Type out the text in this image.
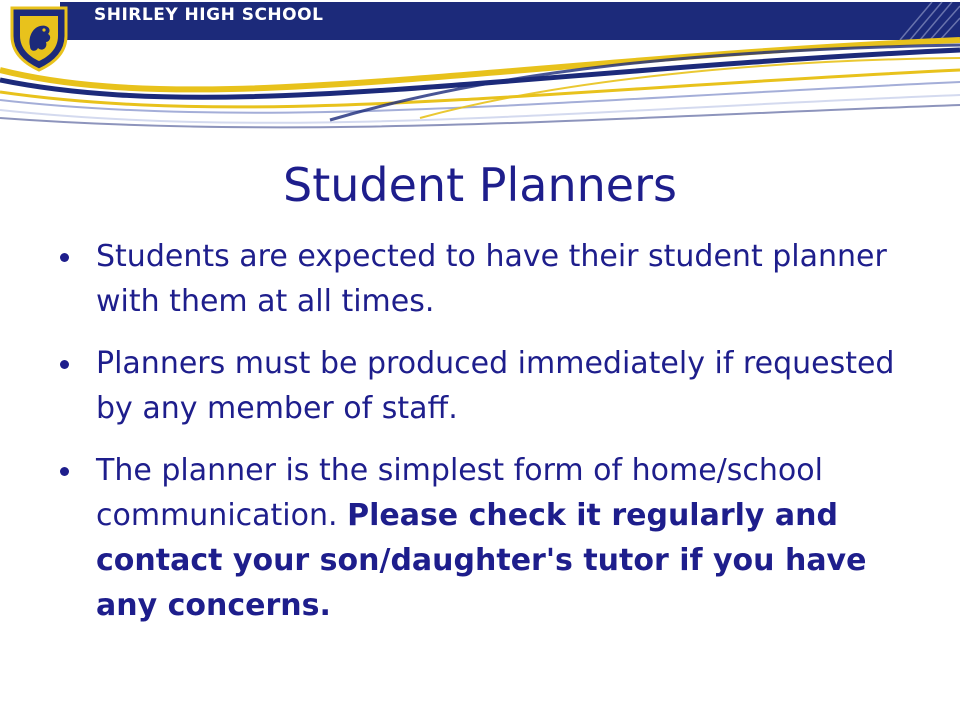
SHIRLEY HIGH SCHOOL
Student Planners
Students are expected to have their student planner with them at all times.
Planners must be produced immediately if requested by any member of staff.
The planner is the simplest form of home/school communication. Please check it regularly and contact your son/daughter's tutor if you have any concerns.
